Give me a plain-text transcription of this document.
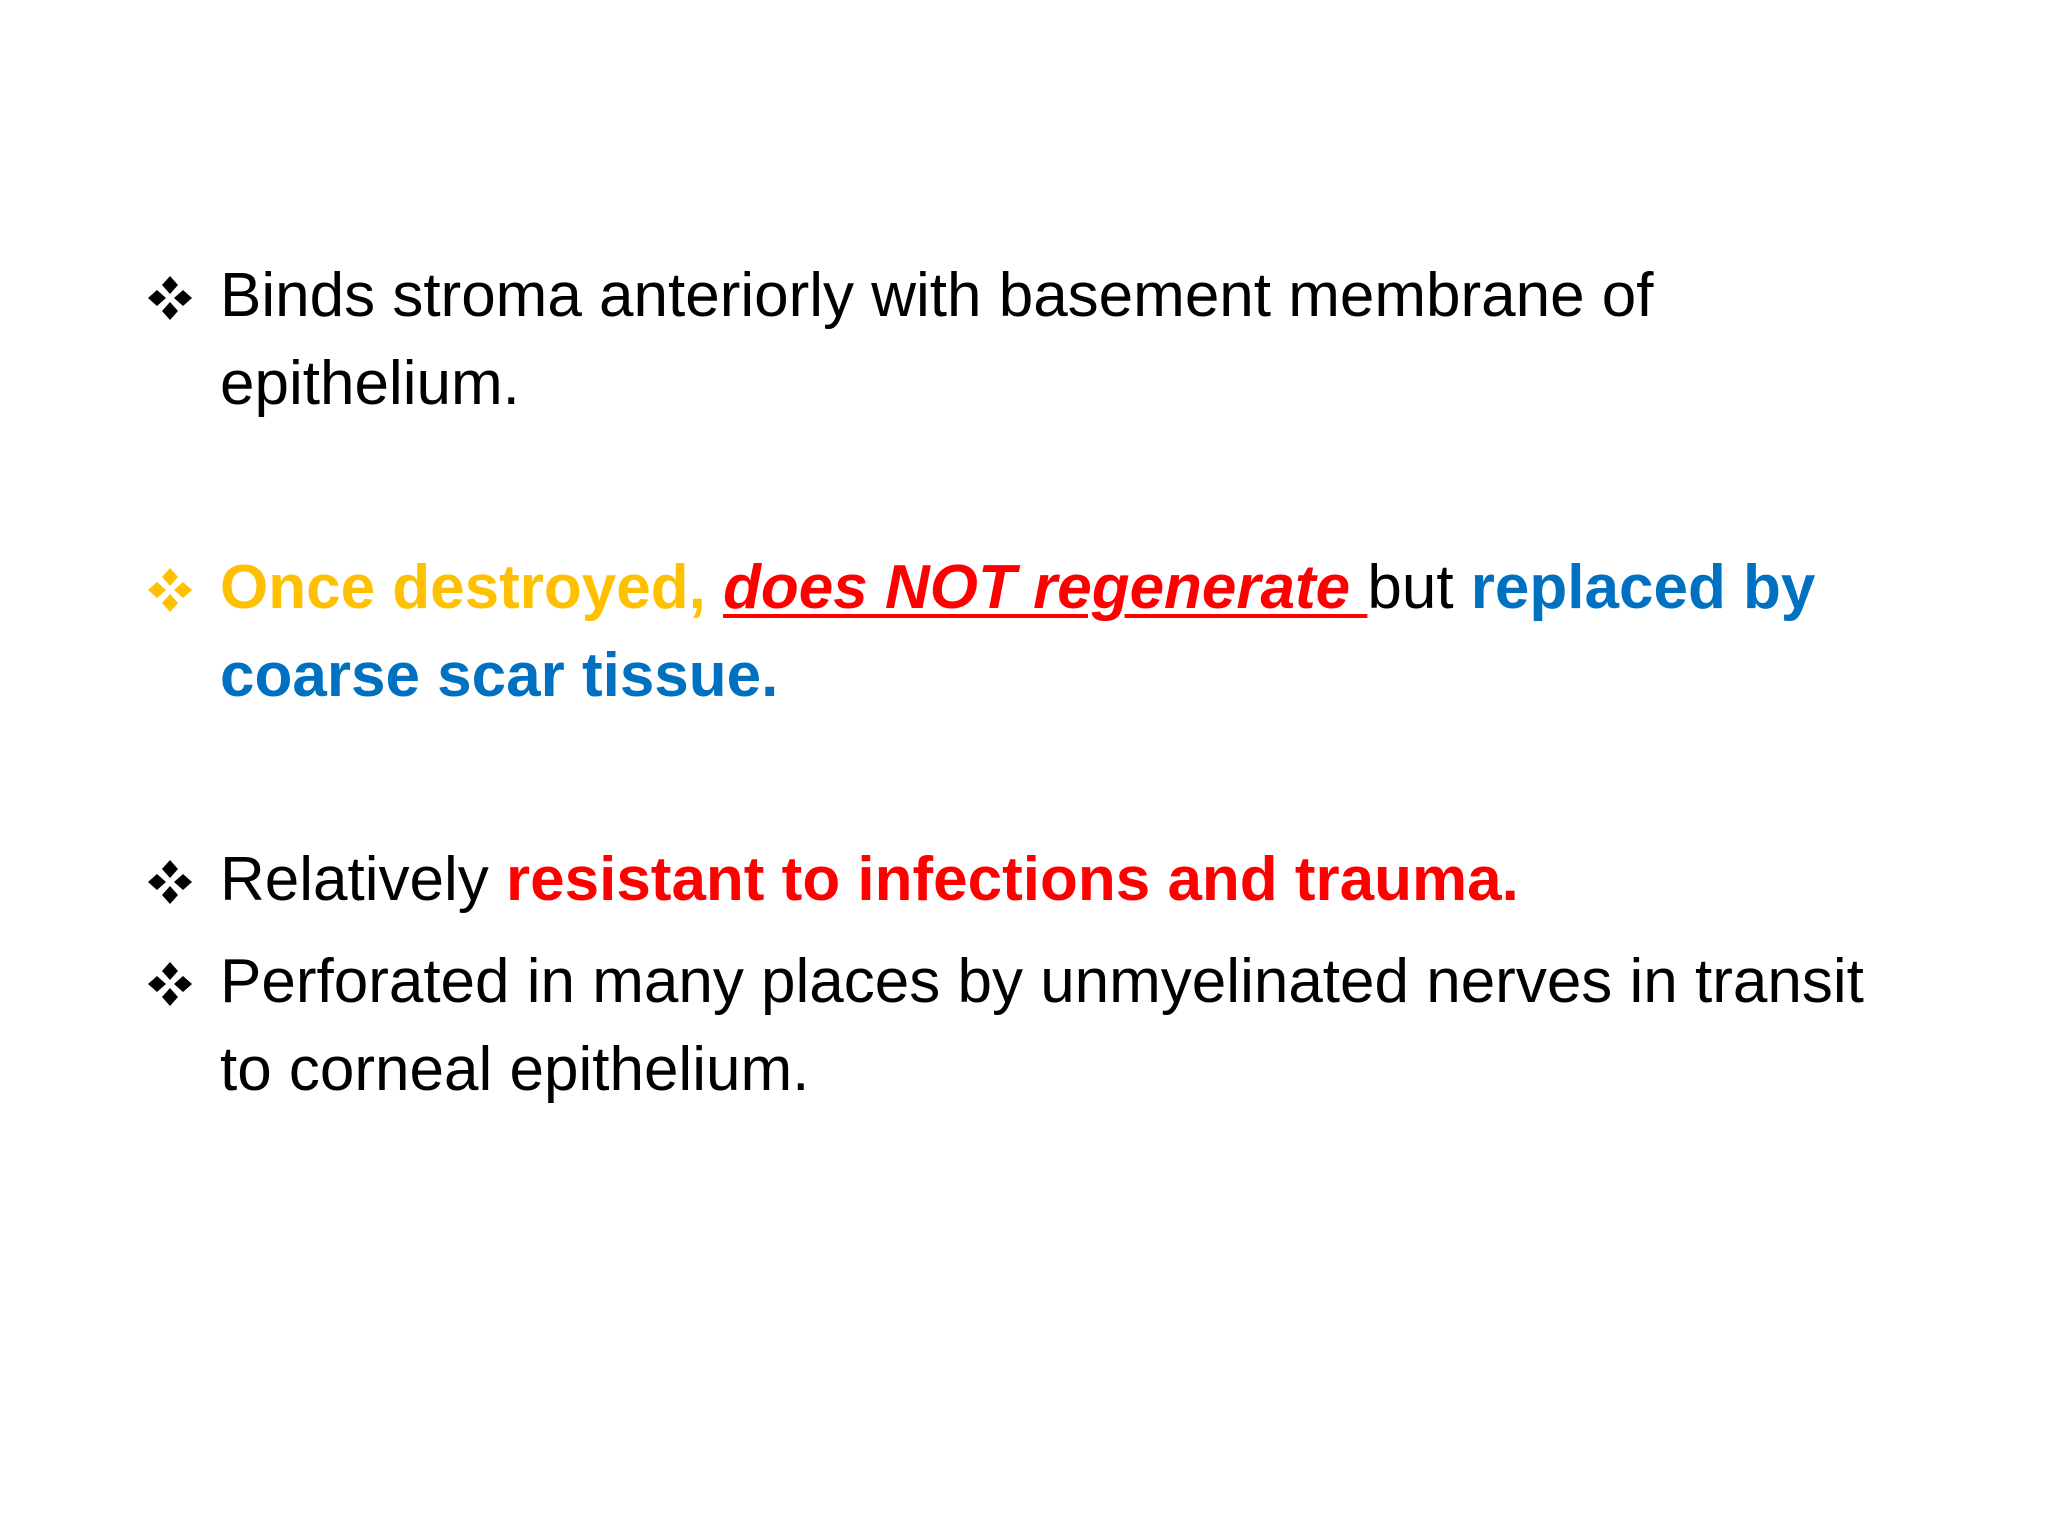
Binds stroma anteriorly with basement membrane of epithelium.
Once destroyed, does NOT regenerate but replaced by coarse scar tissue.
Relatively resistant to infections and trauma.
Perforated in many places by unmyelinated nerves in transit to corneal epithelium.
